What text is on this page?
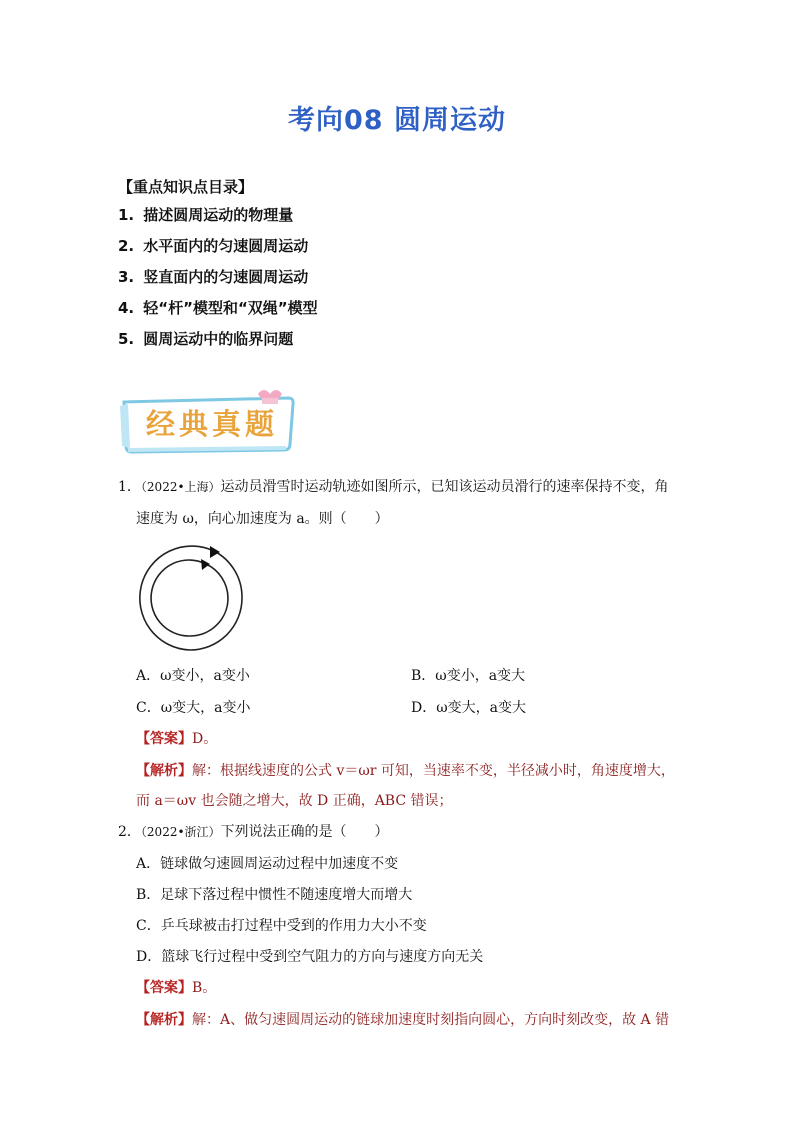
考向08 圆周运动
【重点知识点目录】
1. 描述圆周运动的物理量
2. 水平面内的匀速圆周运动
3. 竖直面内的匀速圆周运动
4. 轻“杆”模型和“双绳”模型
5. 圆周运动中的临界问题
经典真题
1．（2022•上海）运动员滑雪时运动轨迹如图所示，已知该运动员滑行的速率保持不变，角
速度为 ω，向心加速度为 a。则（　　）
A．ω变小，a变小	B．ω变小，a变大
C．ω变大，a变小	D．ω变大，a变大
【答案】D。
【解析】解：根据线速度的公式 v＝ωr 可知，当速率不变，半径减小时，角速度增大，
而 a＝ωv 也会随之增大，故 D 正确，ABC 错误；
2．（2022•浙江）下列说法正确的是（　　）
A．链球做匀速圆周运动过程中加速度不变
B．足球下落过程中惯性不随速度增大而增大
C．乒乓球被击打过程中受到的作用力大小不变
D．篮球飞行过程中受到空气阻力的方向与速度方向无关
【答案】B。
【解析】解：A、做匀速圆周运动的链球加速度时刻指向圆心，方向时刻改变，故 A 错
